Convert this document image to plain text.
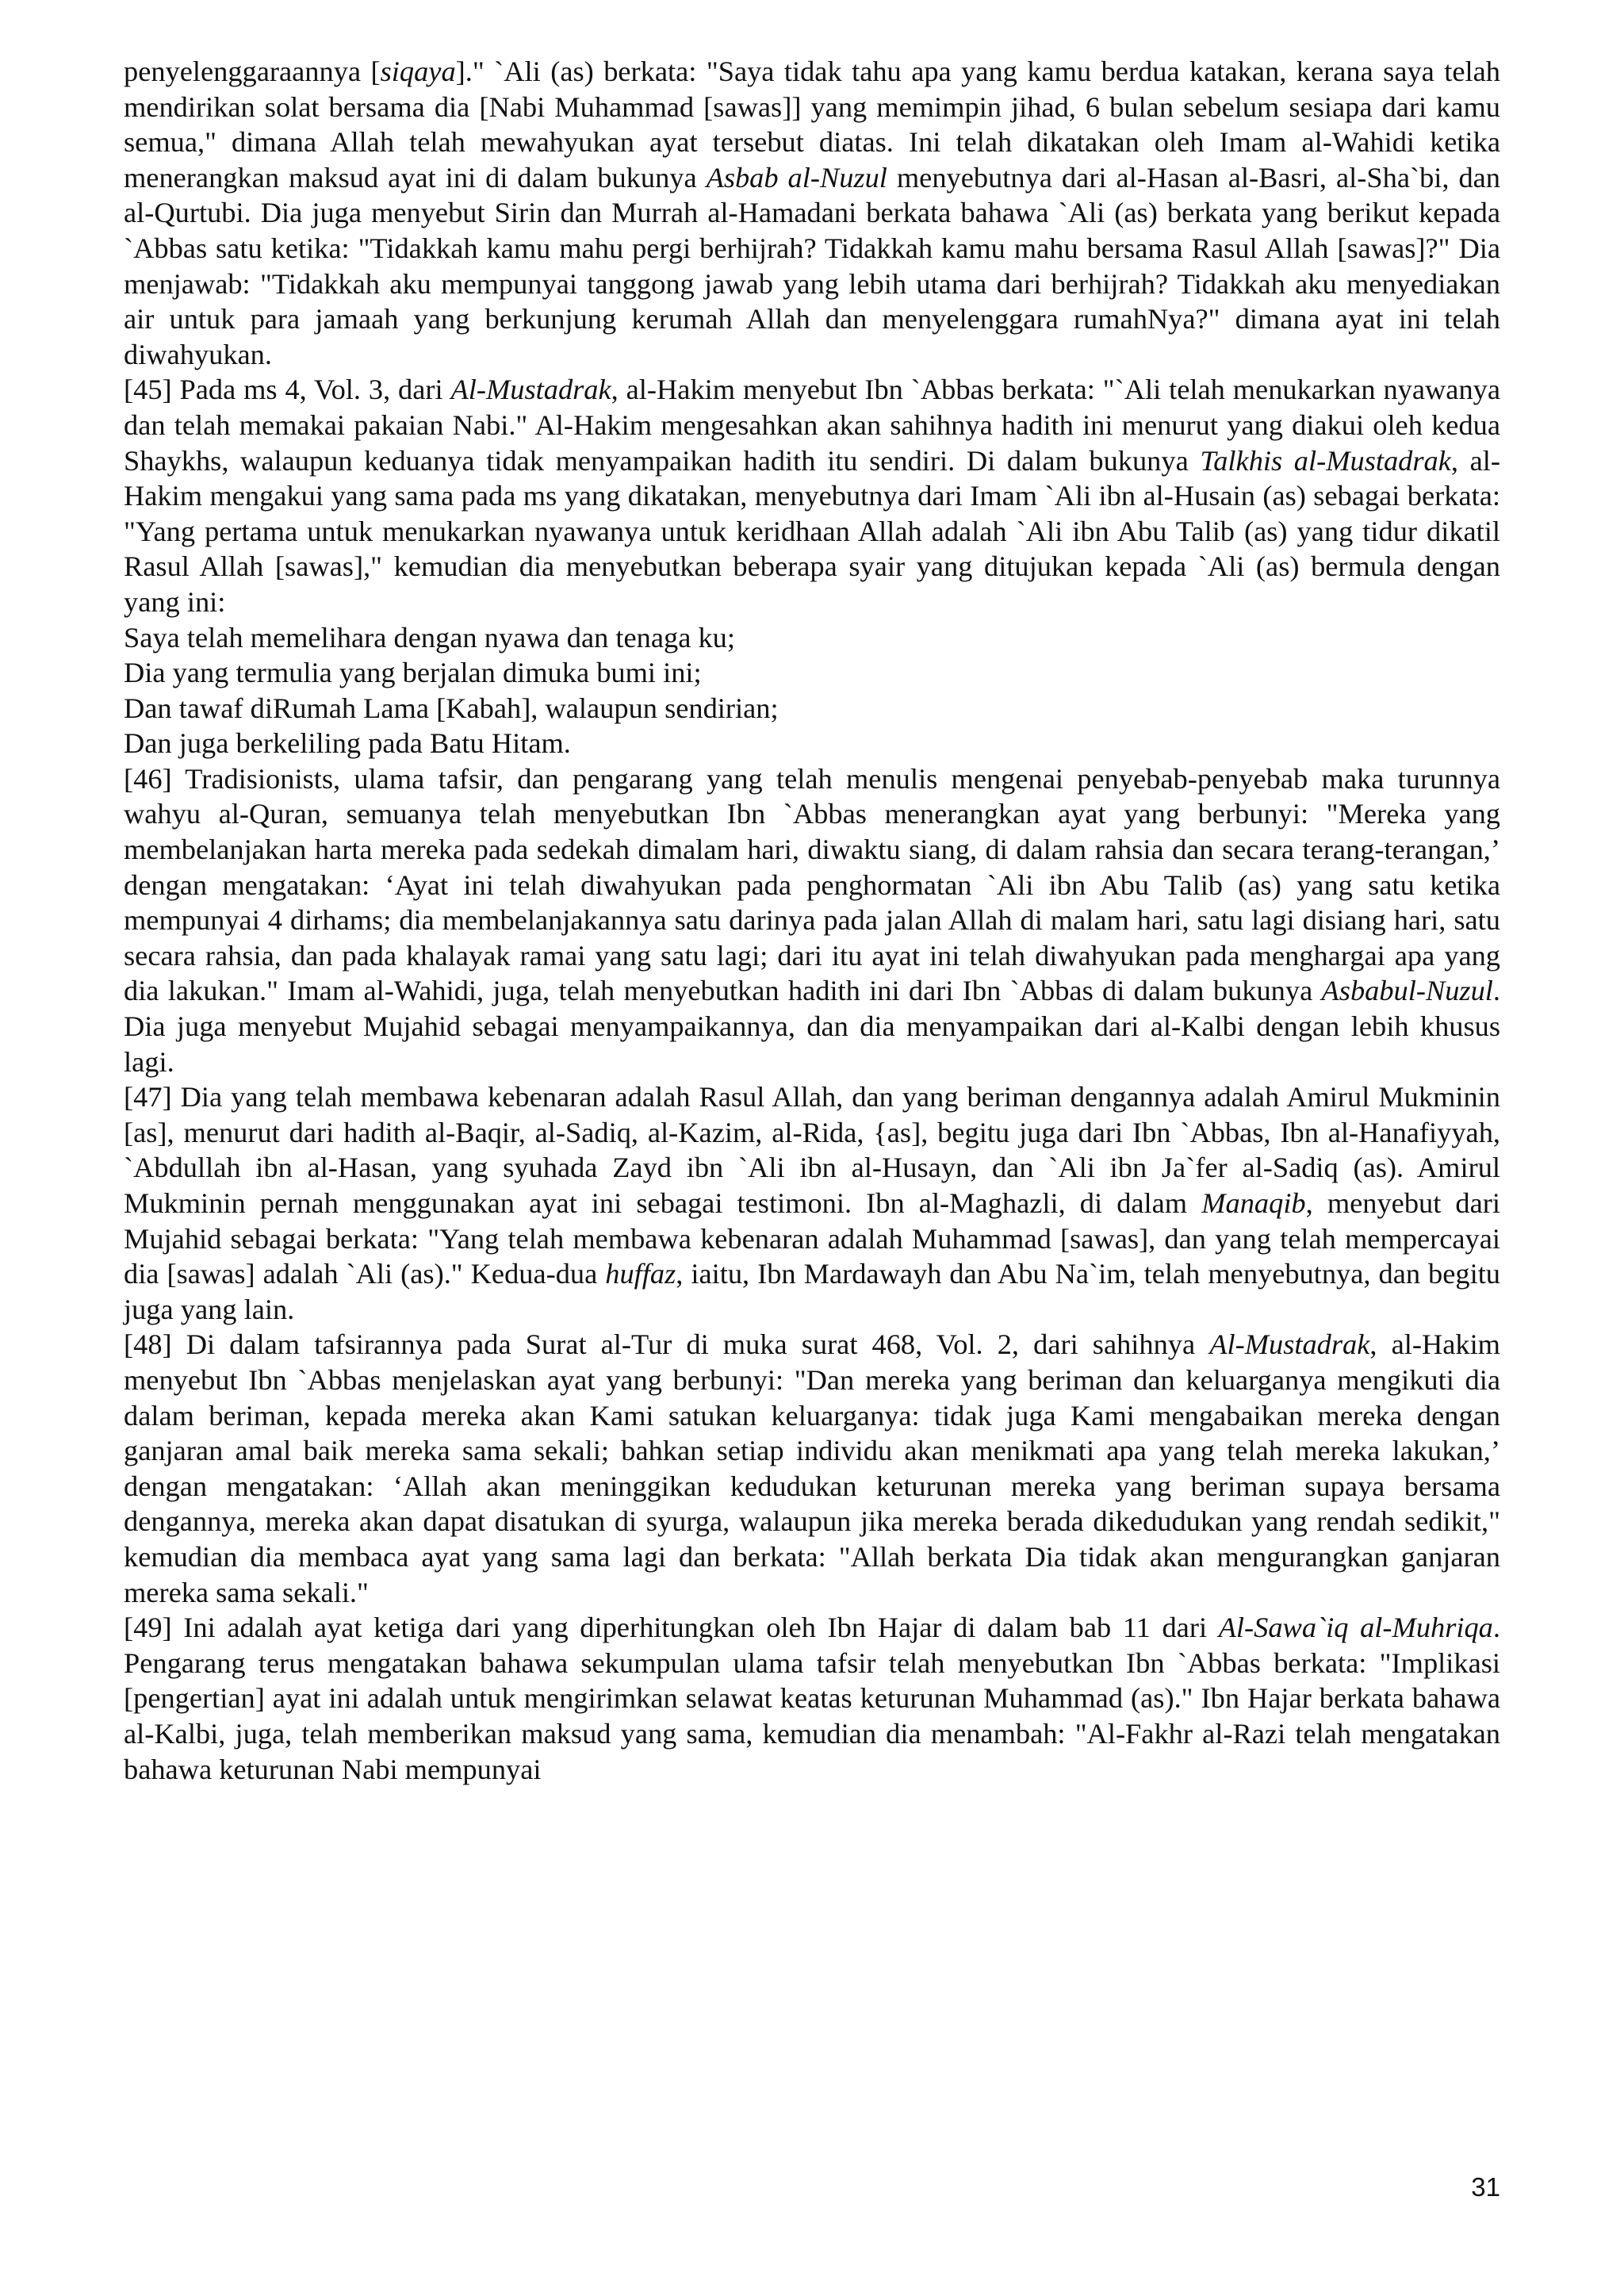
penyelenggaraannya [siqaya]." `Ali (as) berkata: "Saya tidak tahu apa yang kamu berdua katakan, kerana saya telah mendirikan solat bersama dia [Nabi Muhammad [sawas]] yang memimpin jihad, 6 bulan sebelum sesiapa dari kamu semua," dimana Allah telah mewahyukan ayat tersebut diatas. Ini telah dikatakan oleh Imam al-Wahidi ketika menerangkan maksud ayat ini di dalam bukunya Asbab al-Nuzul menyebutnya dari al-Hasan al-Basri, al-Sha`bi, dan al-Qurtubi. Dia juga menyebut Sirin dan Murrah al-Hamadani berkata bahawa `Ali (as) berkata yang berikut kepada `Abbas satu ketika: "Tidakkah kamu mahu pergi berhijrah? Tidakkah kamu mahu bersama Rasul Allah [sawas]?" Dia menjawab: "Tidakkah aku mempunyai tanggong jawab yang lebih utama dari berhijrah? Tidakkah aku menyediakan air untuk para jamaah yang berkunjung kerumah Allah dan menyelenggara rumahNya?" dimana ayat ini telah diwahyukan.

[45] Pada ms 4, Vol. 3, dari Al-Mustadrak, al-Hakim menyebut Ibn `Abbas berkata: "`Ali telah menukarkan nyawanya dan telah memakai pakaian Nabi." Al-Hakim mengesahkan akan sahihnya hadith ini menurut yang diakui oleh kedua Shaykhs, walaupun keduanya tidak menyampaikan hadith itu sendiri. Di dalam bukunya Talkhis al-Mustadrak, al-Hakim mengakui yang sama pada ms yang dikatakan, menyebutnya dari Imam `Ali ibn al-Husain (as) sebagai berkata: "Yang pertama untuk menukarkan nyawanya untuk keridhaan Allah adalah `Ali ibn Abu Talib (as) yang tidur dikatil Rasul Allah [sawas]," kemudian dia menyebutkan beberapa syair yang ditujukan kepada `Ali (as) bermula dengan yang ini:

Saya telah memelihara dengan nyawa dan tenaga ku;

Dia yang termulia yang berjalan dimuka bumi ini;

Dan tawaf diRumah Lama [Kabah], walaupun sendirian;

Dan juga berkeliling pada Batu Hitam.

[46] Tradisionists, ulama tafsir, dan pengarang yang telah menulis mengenai penyebab-penyebab maka turunnya wahyu al-Quran, semuanya telah menyebutkan Ibn `Abbas menerangkan ayat yang berbunyi: "Mereka yang membelanjakan harta mereka pada sedekah dimalam hari, diwaktu siang, di dalam rahsia dan secara terang-terangan,’ dengan mengatakan: ‘Ayat ini telah diwahyukan pada penghormatan `Ali ibn Abu Talib (as) yang satu ketika mempunyai 4 dirhams; dia membelanjakannya satu darinya pada jalan Allah di malam hari, satu lagi disiang hari, satu secara rahsia, dan pada khalayak ramai yang satu lagi; dari itu ayat ini telah diwahyukan pada menghargai apa yang dia lakukan." Imam al-Wahidi, juga, telah menyebutkan hadith ini dari Ibn `Abbas di dalam bukunya Asbabul-Nuzul. Dia juga menyebut Mujahid sebagai menyampaikannya, dan dia menyampaikan dari al-Kalbi dengan lebih khusus lagi.

[47] Dia yang telah membawa kebenaran adalah Rasul Allah, dan yang beriman dengannya adalah Amirul Mukminin [as], menurut dari hadith al-Baqir, al-Sadiq, al-Kazim, al-Rida, {as], begitu juga dari Ibn `Abbas, Ibn al-Hanafiyyah, `Abdullah ibn al-Hasan, yang syuhada Zayd ibn `Ali ibn al-Husayn, dan `Ali ibn Ja`fer al-Sadiq (as). Amirul Mukminin pernah menggunakan ayat ini sebagai testimoni. Ibn al-Maghazli, di dalam Manaqib, menyebut dari Mujahid sebagai berkata: "Yang telah membawa kebenaran adalah Muhammad [sawas], dan yang telah mempercayai dia [sawas] adalah `Ali (as)." Kedua-dua huffaz, iaitu, Ibn Mardawayh dan Abu Na`im, telah menyebutnya, dan begitu juga yang lain.

[48] Di dalam tafsirannya pada Surat al-Tur di muka surat 468, Vol. 2, dari sahihnya Al-Mustadrak, al-Hakim menyebut Ibn `Abbas menjelaskan ayat yang berbunyi: "Dan mereka yang beriman dan keluarganya mengikuti dia dalam beriman, kepada mereka akan Kami satukan keluarganya: tidak juga Kami mengabaikan mereka dengan ganjaran amal baik mereka sama sekali; bahkan setiap individu akan menikmati apa yang telah mereka lakukan,’ dengan mengatakan: ‘Allah akan meninggikan kedudukan keturunan mereka yang beriman supaya bersama dengannya, mereka akan dapat disatukan di syurga, walaupun jika mereka berada dikedudukan yang rendah sedikit," kemudian dia membaca ayat yang sama lagi dan berkata: "Allah berkata Dia tidak akan mengurangkan ganjaran mereka sama sekali."

[49] Ini adalah ayat ketiga dari yang diperhitungkan oleh Ibn Hajar di dalam bab 11 dari Al-Sawa`iq al-Muhriqa. Pengarang terus mengatakan bahawa sekumpulan ulama tafsir telah menyebutkan Ibn `Abbas berkata: "Implikasi [pengertian] ayat ini adalah untuk mengirimkan selawat keatas keturunan Muhammad (as)." Ibn Hajar berkata bahawa al-Kalbi, juga, telah memberikan maksud yang sama, kemudian dia menambah: "Al-Fakhr al-Razi telah mengatakan bahawa keturunan Nabi mempunyai

31
